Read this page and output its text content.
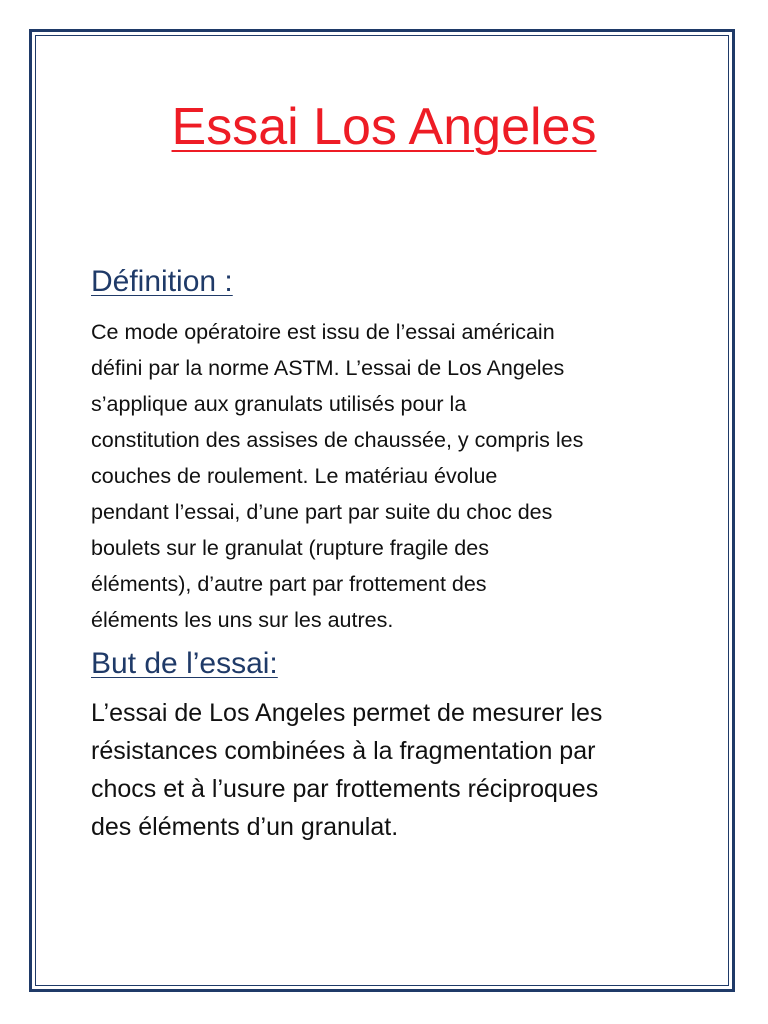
Essai Los Angeles
Définition :

Ce mode opératoire est issu de l’essai américain
défini par la norme ASTM. L’essai de Los Angeles
s’applique aux granulats utilisés pour la
constitution des assises de chaussée, y compris les
couches de roulement. Le matériau évolue
pendant l’essai, d’une part par suite du choc des
boulets sur le granulat (rupture fragile des
éléments), d’autre part par frottement des
éléments les uns sur les autres.

But de l’essai:

L’essai de Los Angeles permet de mesurer les
résistances combinées à la fragmentation par
chocs et à l’usure par frottements réciproques
des éléments d’un granulat.
